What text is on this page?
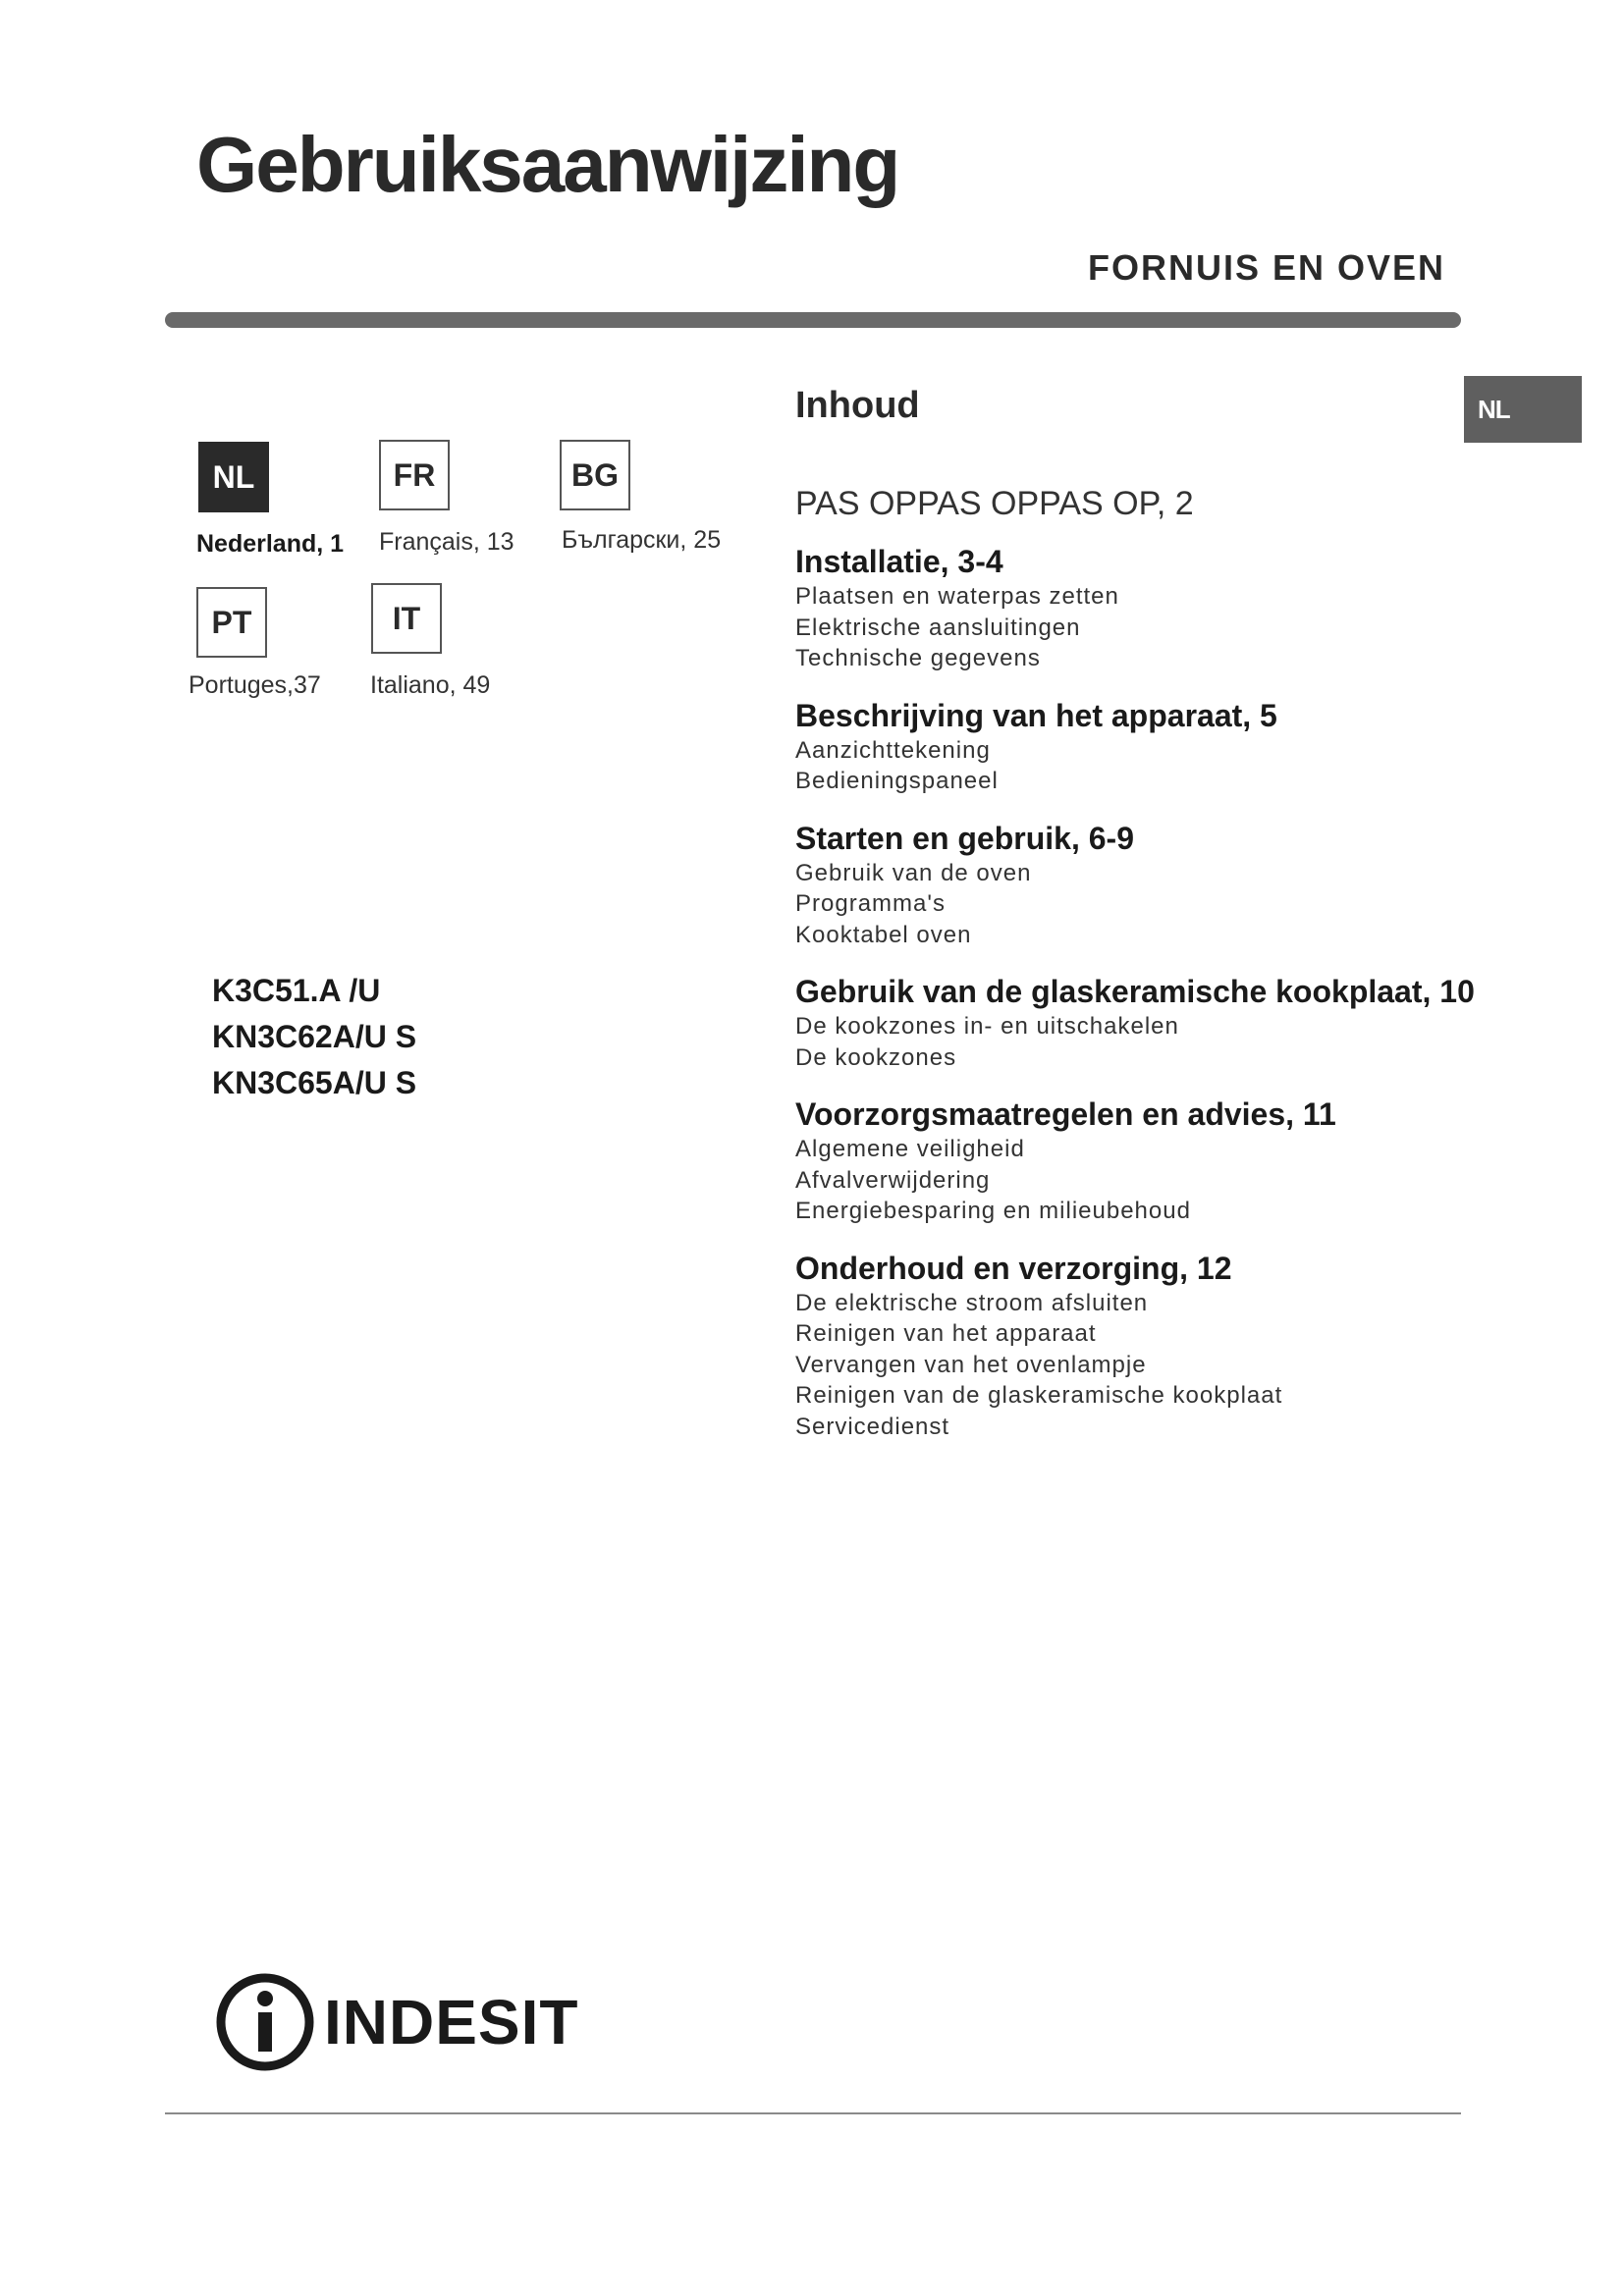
Gebruiksaanwijzing
FORNUIS EN OVEN
NL
NL
Nederland, 1
FR
Français, 13
BG
Български, 25
PT
Portuges,37
IT
Italiano, 49
K3C51.A /U
KN3C62A/U S
KN3C65A/U S
Inhoud
PAS OPPAS OPPAS OP, 2
Installatie, 3-4
Plaatsen en waterpas zetten
Elektrische aansluitingen
Technische gegevens
Beschrijving van het apparaat, 5
Aanzichttekening
Bedieningspaneel
Starten en gebruik, 6-9
Gebruik van de oven
Programma's
Kooktabel oven
Gebruik van de glaskeramische kookplaat, 10
De kookzones in- en uitschakelen
De kookzones
Voorzorgsmaatregelen en advies, 11
Algemene veiligheid
Afvalverwijdering
Energiebesparing en milieubehoud
Onderhoud en verzorging, 12
De elektrische stroom afsluiten
Reinigen van het apparaat
Vervangen van het ovenlampje
Reinigen van de glaskeramische kookplaat
Servicedienst
INDESIT
